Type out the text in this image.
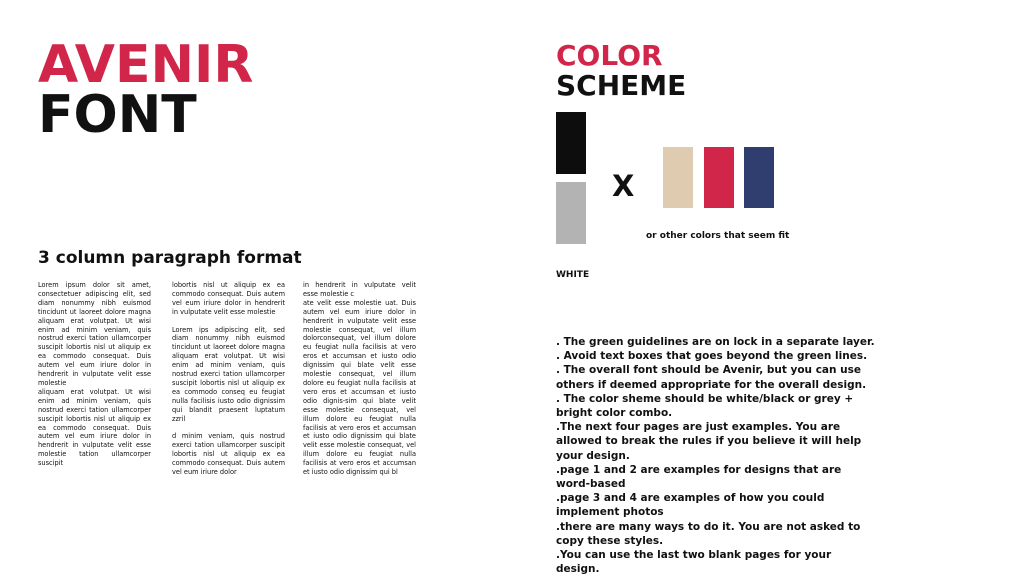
AVENIR
FONT
3 column paragraph format
Lorem ipsum dolor sit amet, consectetuer adipiscing elit, sed diam nonummy nibh euismod tincidunt ut laoreet dolore magna aliquam erat volutpat. Ut wisi enim ad minim veniam, quis nostrud exerci tation ullamcorper suscipit lobortis nisl ut aliquip ex ea commodo consequat. Duis autem vel eum iriure dolor in hendrerit in vulputate velit esse molestie
aliquam erat volutpat. Ut wisi enim ad minim veniam, quis nostrud exerci tation ullamcorper suscipit lobortis nisl ut aliquip ex ea commodo consequat. Duis autem vel eum iriure dolor in hendrerit in vulputate velit esse molestie tation ullamcorper suscipit
lobortis nisl ut aliquip ex ea commodo consequat. Duis autem vel eum iriure dolor in hendrerit in vulputate velit esse molestie

Lorem ips adipiscing elit, sed diam nonummy nibh euismod tincidunt ut laoreet dolore magna aliquam erat volutpat. Ut wisi enim ad minim veniam, quis nostrud exerci tation ullamcorper suscipit lobortis nisl ut aliquip ex ea commodo conseq eu feugiat nulla facilisis iusto odio dignissim qui blandit praesent luptatum zzril

d minim veniam, quis nostrud exerci tation ullamcorper suscipit lobortis nisl ut aliquip ex ea commodo consequat. Duis autem vel eum iriure dolor
in hendrerit in vulputate velit esse molestie c
ate velit esse molestie uat. Duis autem vel eum iriure dolor in hendrerit in vulputate velit esse molestie consequat, vel illum dolorconsequat, vel illum dolore eu feugiat nulla facilisis at vero eros et accumsan et iusto odio dignissim qui blate velit esse molestie consequat, vel illum dolore eu feugiat nulla facilisis at vero eros et accumsan et iusto odio dignis-sim qui blate velit esse molestie consequat, vel illum dolore eu feugiat nulla facilisis at vero eros et accumsan et iusto odio dignissim qui blate velit esse molestie consequat, vel illum dolore eu feugiat nulla facilisis at vero eros et accumsan et iusto odio dignissim qui bl
COLOR
SCHEME
X
or other colors that seem fit
WHITE
. The green guidelines are on lock in a separate layer.
. Avoid text boxes that goes beyond the green lines.
. The overall font should be Avenir, but you can use others if deemed appropriate for the overall design.
. The color sheme should be white/black or grey + bright color combo.
.The next four pages are just examples. You are allowed to break the rules if you believe it will help your design.
.page 1 and 2 are examples for designs that are word-based
.page 3 and 4 are examples of how you could implement photos
.there are many ways to do it. You are not asked to copy these styles.
.You can use the last two blank pages for your design.
